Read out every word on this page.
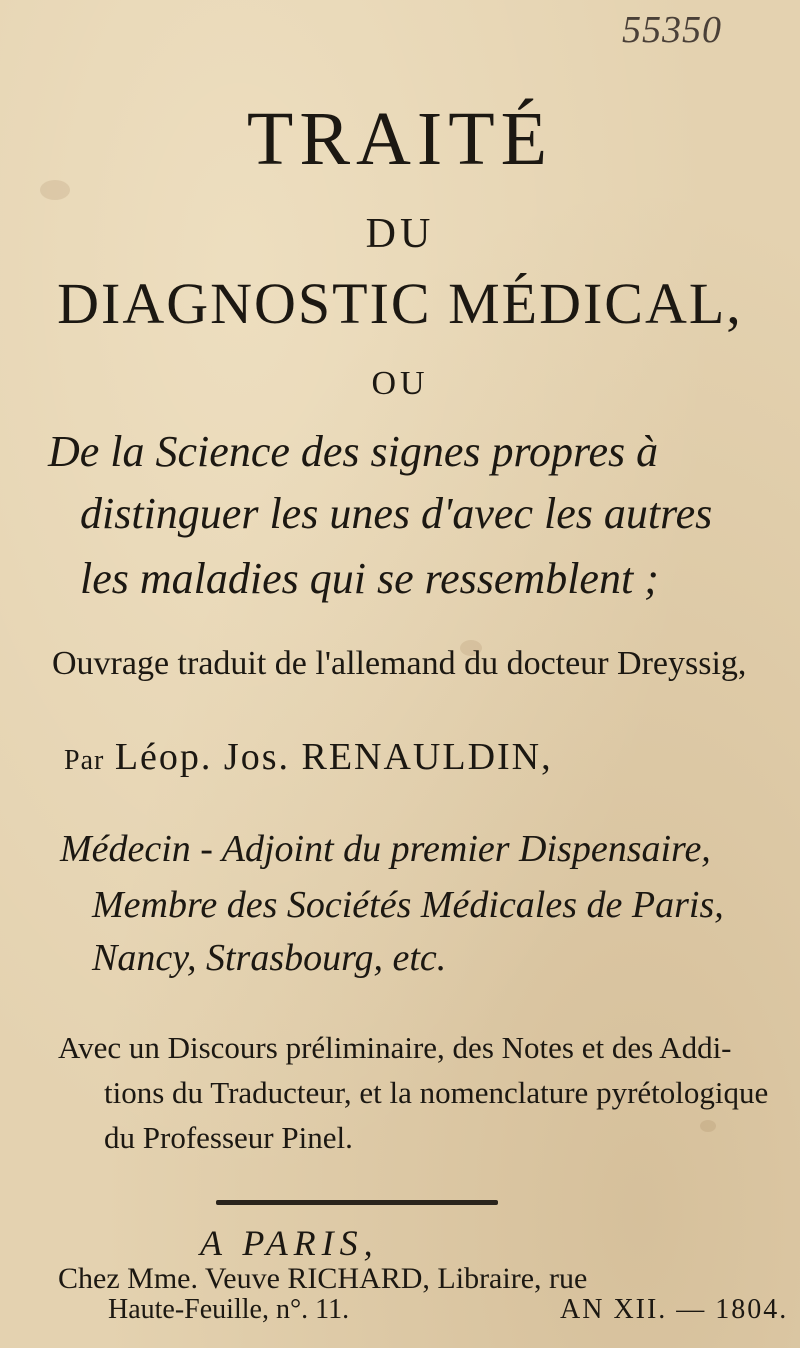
55350
TRAITÉ
DU
DIAGNOSTIC MÉDICAL,
OU
De la Science des signes propres à
distinguer les unes d'avec les autres
les maladies qui se ressemblent ;
Ouvrage traduit de l'allemand du docteur Dreyssig,
Par Léop. Jos. RENAULDIN,
Médecin - Adjoint du premier Dispensaire,
Membre des Sociétés Médicales de Paris,
Nancy, Strasbourg, etc.
Avec un Discours préliminaire, des Notes et des Addi-
tions du Traducteur, et la nomenclature pyrétologique
du Professeur Pinel.
A PARIS,
Chez Mme. Veuve RICHARD, Libraire, rue
Haute-Feuille, n°. 11.	AN XII. — 1804.
